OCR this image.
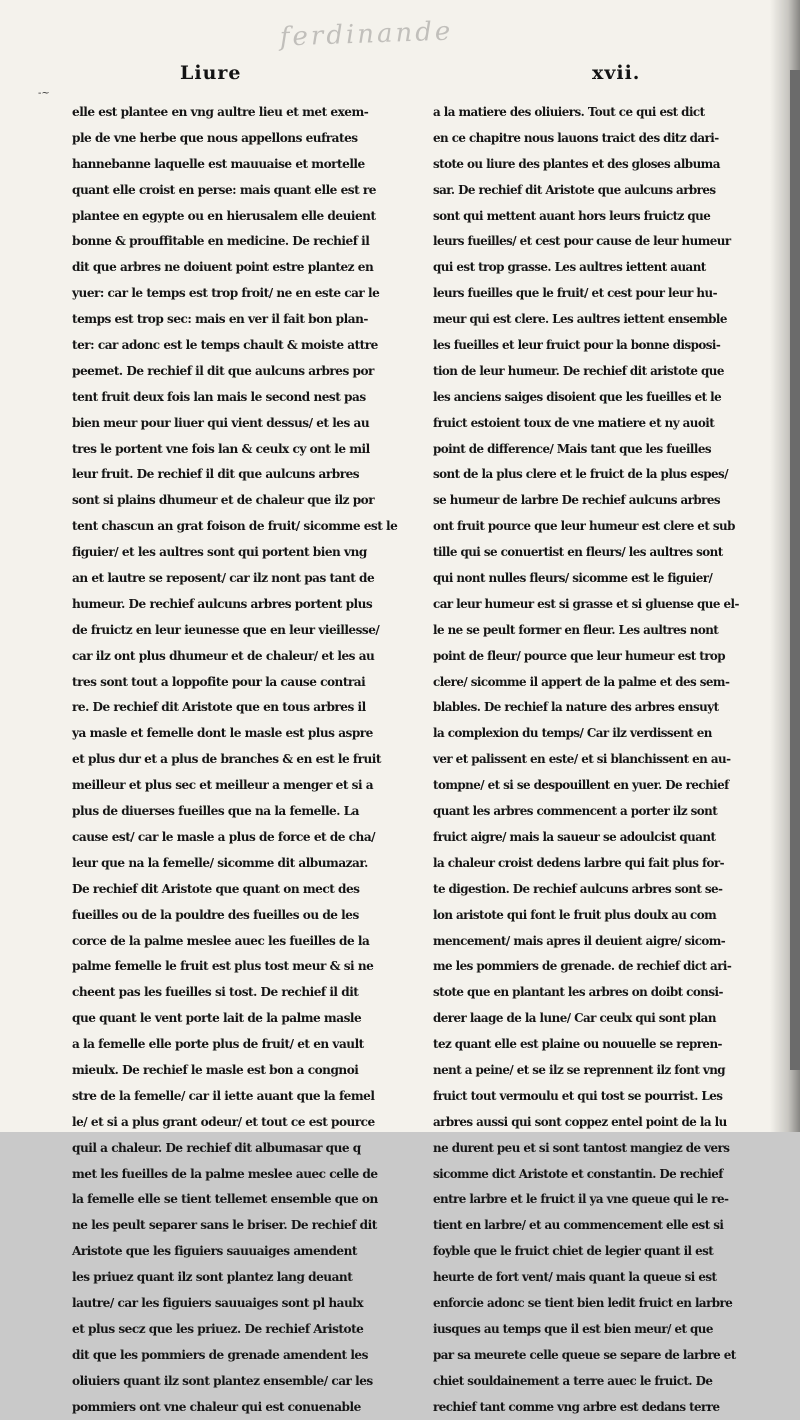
ferdinande
-~
Liure	xvii.
elle est plantee en vng aultre lieu et met exem-
ple de vne herbe que nous appellons eufrates
hannebanne laquelle est mauuaise et mortelle
quant elle croist en perse: mais quant elle est re
plantee en egypte ou en hierusalem elle deuient
bonne & prouffitable en medicine. De rechief il
dit que arbres ne doiuent point estre plantez en
yuer: car le temps est trop froit/ ne en este car le
temps est trop sec: mais en ver il fait bon plan-
ter: car adonc est le temps chault & moiste attre
peemet. De rechief il dit que aulcuns arbres por
tent fruit deux fois lan mais le second nest pas
bien meur pour liuer qui vient dessus/ et les au
tres le portent vne fois lan & ceulx cy ont le mil
leur fruit. De rechief il dit que aulcuns arbres
sont si plains dhumeur et de chaleur que ilz por
tent chascun an grat foison de fruit/ sicomme est le
figuier/ et les aultres sont qui portent bien vng
an et lautre se reposent/ car ilz nont pas tant de
humeur. De rechief aulcuns arbres portent plus
de fruictz en leur ieunesse que en leur vieillesse/
car ilz ont plus dhumeur et de chaleur/ et les au
tres sont tout a loppofite pour la cause contrai
re. De rechief dit Aristote que en tous arbres il
ya masle et femelle dont le masle est plus aspre
et plus dur et a plus de branches & en est le fruit
meilleur et plus sec et meilleur a menger et si a
plus de diuerses fueilles que na la femelle. La
cause est/ car le masle a plus de force et de cha/
leur que na la femelle/ sicomme dit albumazar.
De rechief dit Aristote que quant on mect des
fueilles ou de la pouldre des fueilles ou de les
corce de la palme meslee auec les fueilles de la
palme femelle le fruit est plus tost meur & si ne
cheent pas les fueilles si tost. De rechief il dit
que quant le vent porte lait de la palme masle
a la femelle elle porte plus de fruit/ et en vault
mieulx. De rechief le masle est bon a congnoi
stre de la femelle/ car il iette auant que la femel
le/ et si a plus grant odeur/ et tout ce est pource
quil a chaleur. De rechief dit albumasar que q
met les fueilles de la palme meslee auec celle de
la femelle elle se tient tellemet ensemble que on
ne les peult separer sans le briser. De rechief dit
Aristote que les figuiers sauuaiges amendent
les priuez quant ilz sont plantez lang deuant
lautre/ car les figuiers sauuaiges sont pl haulx
et plus secz que les priuez. De rechief Aristote
dit que les pommiers de grenade amendent les
oliuiers quant ilz sont plantez ensemble/ car les
pommiers ont vne chaleur qui est conuenable
a la matiere des oliuiers. Tout ce qui est dict
en ce chapitre nous lauons traict des ditz dari-
stote ou liure des plantes et des gloses albuma
sar. De rechief dit Aristote que aulcuns arbres
sont qui mettent auant hors leurs fruictz que
leurs fueilles/ et cest pour cause de leur humeur
qui est trop grasse. Les aultres iettent auant
leurs fueilles que le fruit/ et cest pour leur hu-
meur qui est clere. Les aultres iettent ensemble
les fueilles et leur fruict pour la bonne disposi-
tion de leur humeur. De rechief dit aristote que
les anciens saiges disoient que les fueilles et le
fruict estoient toux de vne matiere et ny auoit
point de difference/ Mais tant que les fueilles
sont de la plus clere et le fruict de la plus espes/
se humeur de larbre De rechief aulcuns arbres
ont fruit pource que leur humeur est clere et sub
tille qui se conuertist en fleurs/ les aultres sont
qui nont nulles fleurs/ sicomme est le figuier/
car leur humeur est si grasse et si gluense que el-
le ne se peult former en fleur. Les aultres nont
point de fleur/ pource que leur humeur est trop
clere/ sicomme il appert de la palme et des sem-
blables. De rechief la nature des arbres ensuyt
la complexion du temps/ Car ilz verdissent en
ver et palissent en este/ et si blanchissent en au-
tompne/ et si se despouillent en yuer. De rechief
quant les arbres commencent a porter ilz sont
fruict aigre/ mais la saueur se adoulcist quant
la chaleur croist dedens larbre qui fait plus for-
te digestion. De rechief aulcuns arbres sont se-
lon aristote qui font le fruit plus doulx au com
mencement/ mais apres il deuient aigre/ sicom-
me les pommiers de grenade. de rechief dict ari-
stote que en plantant les arbres on doibt consi-
derer laage de la lune/ Car ceulx qui sont plan
tez quant elle est plaine ou nouuelle se repren-
nent a peine/ et se ilz se reprennent ilz font vng
fruict tout vermoulu et qui tost se pourrist. Les
arbres aussi qui sont coppez entel point de la lu
ne durent peu et si sont tantost mangiez de vers
sicomme dict Aristote et constantin. De rechief
entre larbre et le fruict il ya vne queue qui le re-
tient en larbre/ et au commencement elle est si
foyble que le fruict chiet de legier quant il est
heurte de fort vent/ mais quant la queue si est
enforcie adonc se tient bien ledit fruict en larbre
iusques au temps que il est bien meur/ et que
par sa meurete celle queue se separe de larbre et
chiet souldainement a terre auec le fruict. De
rechief tant comme vng arbre est dedans terre
